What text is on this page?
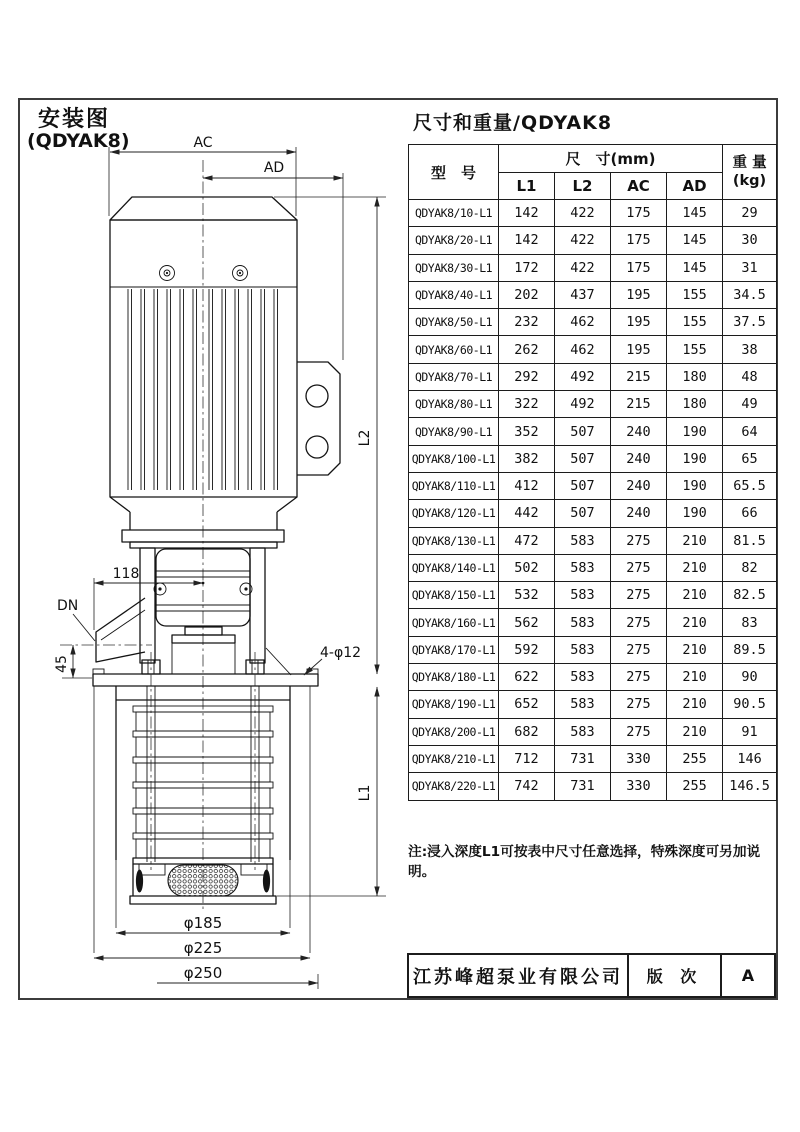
AC
AD
L2
L1
118
DN
45
4-φ12
φ185
φ225
φ250
安装图
(QDYAK8)
尺寸和重量/QDYAK8
型　号	尺　寸(mm)				重 量
(kg)

	L1	L2	AC	AD	
QDYAK8/10-L1	142	422	175	145	29
QDYAK8/20-L1	142	422	175	145	30
QDYAK8/30-L1	172	422	175	145	31
QDYAK8/40-L1	202	437	195	155	34.5
QDYAK8/50-L1	232	462	195	155	37.5
QDYAK8/60-L1	262	462	195	155	38
QDYAK8/70-L1	292	492	215	180	48
QDYAK8/80-L1	322	492	215	180	49
QDYAK8/90-L1	352	507	240	190	64
QDYAK8/100-L1	382	507	240	190	65
QDYAK8/110-L1	412	507	240	190	65.5
QDYAK8/120-L1	442	507	240	190	66
QDYAK8/130-L1	472	583	275	210	81.5
QDYAK8/140-L1	502	583	275	210	82
QDYAK8/150-L1	532	583	275	210	82.5
QDYAK8/160-L1	562	583	275	210	83
QDYAK8/170-L1	592	583	275	210	89.5
QDYAK8/180-L1	622	583	275	210	90
QDYAK8/190-L1	652	583	275	210	90.5
QDYAK8/200-L1	682	583	275	210	91
QDYAK8/210-L1	712	731	330	255	146
QDYAK8/220-L1	742	731	330	255	146.5
注:浸入深度L1可按表中尺寸任意选择，特殊深度可另加说明。
江苏峰超泵业有限公司	版 次	A
